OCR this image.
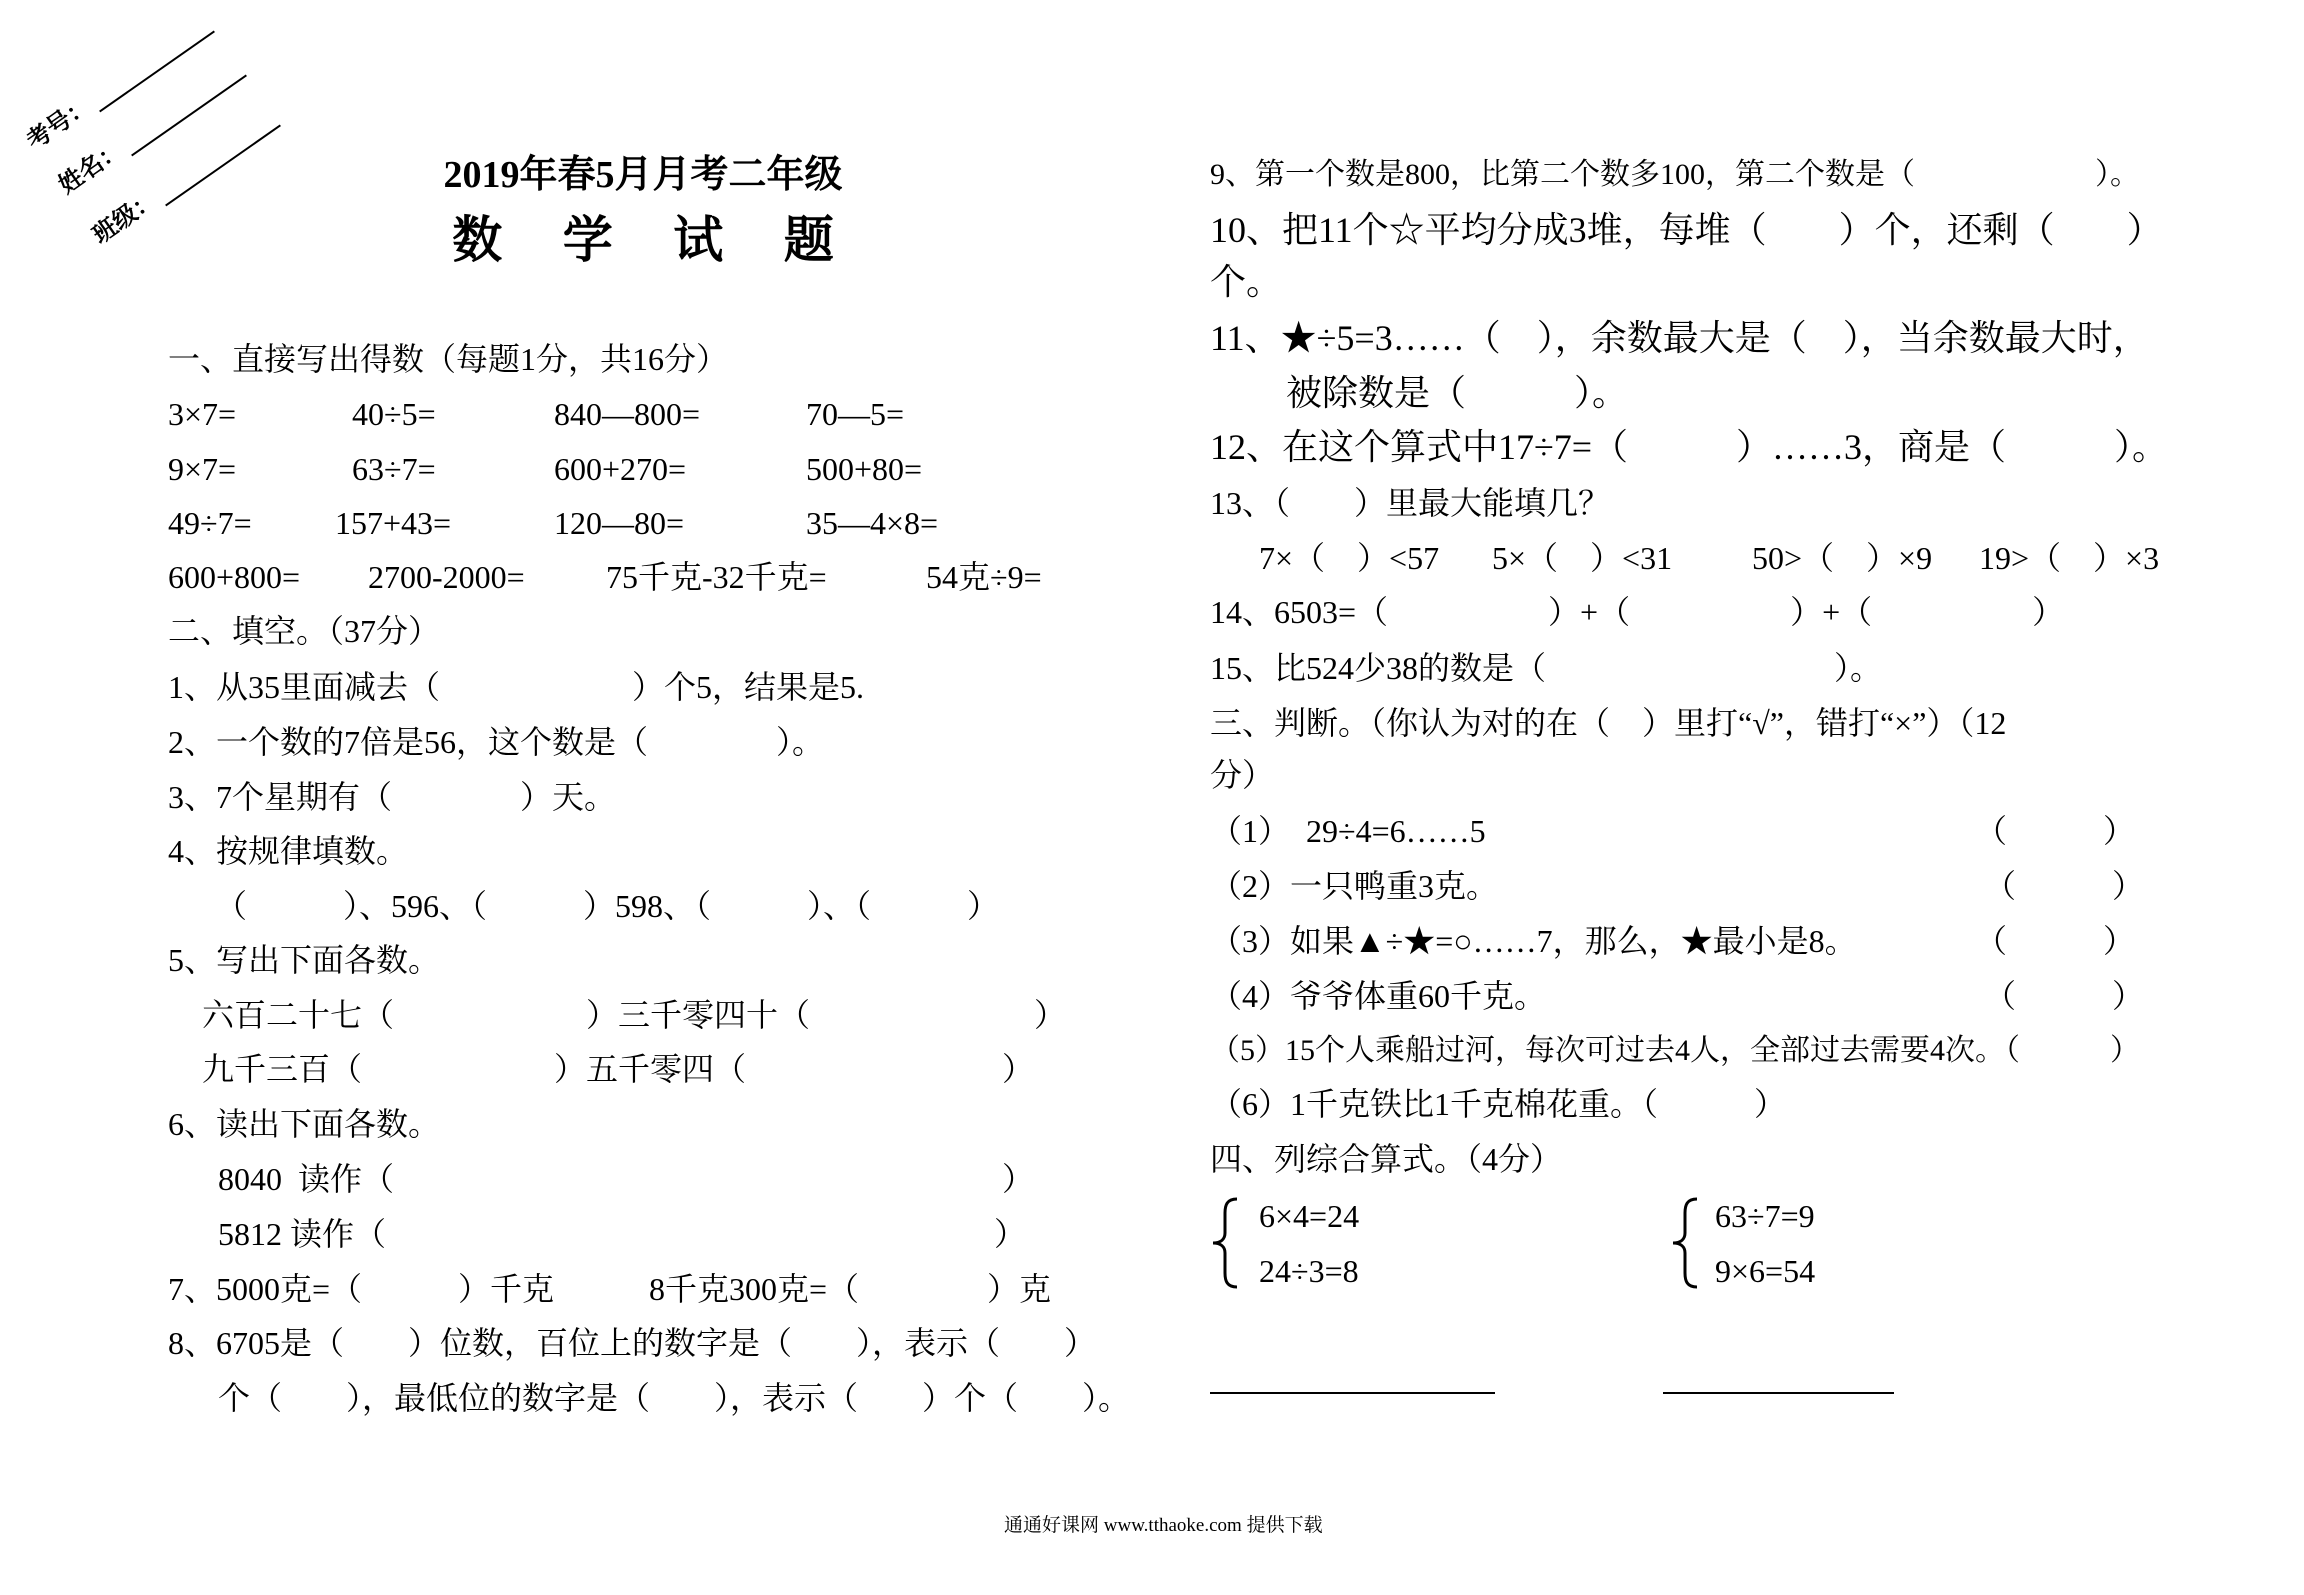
考号：
姓名：
班级：
2019年春5月月考二年级
数 学 试 题
一、直接写出得数（每题1分，共16分）
3×7=	40÷5=	840—800=	70—5=
9×7=	63÷7=	600+270=	500+80=
49÷7=	157+43=	120—80=	35—4×8=
600+800= 2700-2000=	75千克-32千克=	54克÷9=
二、填空。（37分）
1、从35里面减去（　　　　　　）个5，结果是5.
2、一个数的7倍是56，这个数是（　　　　）。
3、7个星期有（　　　　）天。
4、按规律填数。
（　　　）、596、（　　　）598、（　　　）、（　　　）
5、写出下面各数。
六百二十七（　　　　　　）三千零四十（　　　　　　　）
九千三百（　　　　　　）五千零四（　　　　　　　　）
6、读出下面各数。
8040  读作（　　　　　　　　　　　　　　　　　　　）
5812 读作（　　　　　　　　　　　　　　　　　　　）
7、5000克=（　　　）千克	8千克300克=（　　　　）克
8、6705是（　　）位数，百位上的数字是（　　），表示（　　）
个（　　），最低位的数字是（　　），表示（　　）个（　　）。
9、第一个数是800，比第二个数多100，第二个数是（　　　　　　）。
10、把11个☆平均分成3堆，每堆（　　）个，还剩（　　）
个。
11、★÷5=3……（　），余数最大是（　），当余数最大时，
被除数是（　　　）。
12、在这个算式中17÷7=（　　　）……3，商是（　　　）。
13、（　　）里最大能填几？
7×（　）<57 5×（　）<31 50>（　）×9 19>（　）×3
14、6503=（　　　　　）+（　　　　　）+（　　　　　）
15、比524少38的数是（　　　　　　　　　）。
三、判断。（你认为对的在（　）里打“√”，错打“×”）（12
分）
（1）　29÷4=6……5	（　　　）
（2）一只鸭重3克。	（　　　）
（3）如果▲÷★=○……7，那么，★最小是8。	（　　　）
（4）爷爷体重60千克。	（　　　）
（5）15个人乘船过河，每次可过去4人，全部过去需要4次。（　　　）
（6）1千克铁比1千克棉花重。（　　　）
四、列综合算式。（4分）
6×4=24
24÷3=8
63÷7=9
9×6=54
通通好课网 www.tthaoke.com 提供下载
